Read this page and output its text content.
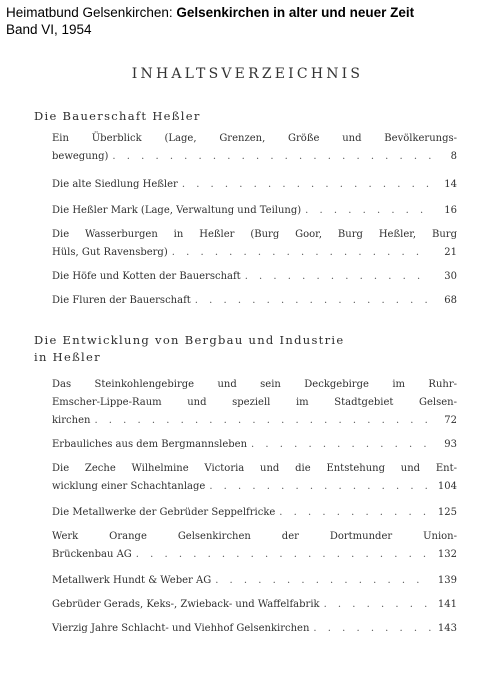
Heimatbund Gelsenkirchen: Gelsenkirchen in alter und neuer Zeit
Band VI, 1954
INHALTSVERZEICHNIS
Die Bauerschaft Heßler
Ein Überblick (Lage, Grenzen, Größe und Bevölkerungs-
bewegung) . . .	8
Die alte Siedlung Heßler . . .	14
Die Heßler Mark (Lage, Verwaltung und Teilung) . . .	16
Die Wasserburgen in Heßler (Burg Goor, Burg Heßler, Burg
Hüls, Gut Ravensberg) . . .	21
Die Höfe und Kotten der Bauerschaft . . .	30
Die Fluren der Bauerschaft . . .	68
Die Entwicklung von Bergbau und Industrie
in Heßler
Das Steinkohlengebirge und sein Deckgebirge im Ruhr-
Emscher-Lippe-Raum und speziell im Stadtgebiet Gelsen-
kirchen . . .	72
Erbauliches aus dem Bergmannsleben . . .	93
Die Zeche Wilhelmine Victoria und die Entstehung und Ent-
wicklung einer Schachtanlage . . .	104
Die Metallwerke der Gebrüder Seppelfricke . . .	125
Werk Orange Gelsenkirchen der Dortmunder Union-
Brückenbau AG . . .	132
Metallwerk Hundt & Weber AG . . .	139
Gebrüder Gerads, Keks-, Zwieback- und Waffelfabrik . . .	141
Vierzig Jahre Schlacht- und Viehhof Gelsenkirchen . . .	143
